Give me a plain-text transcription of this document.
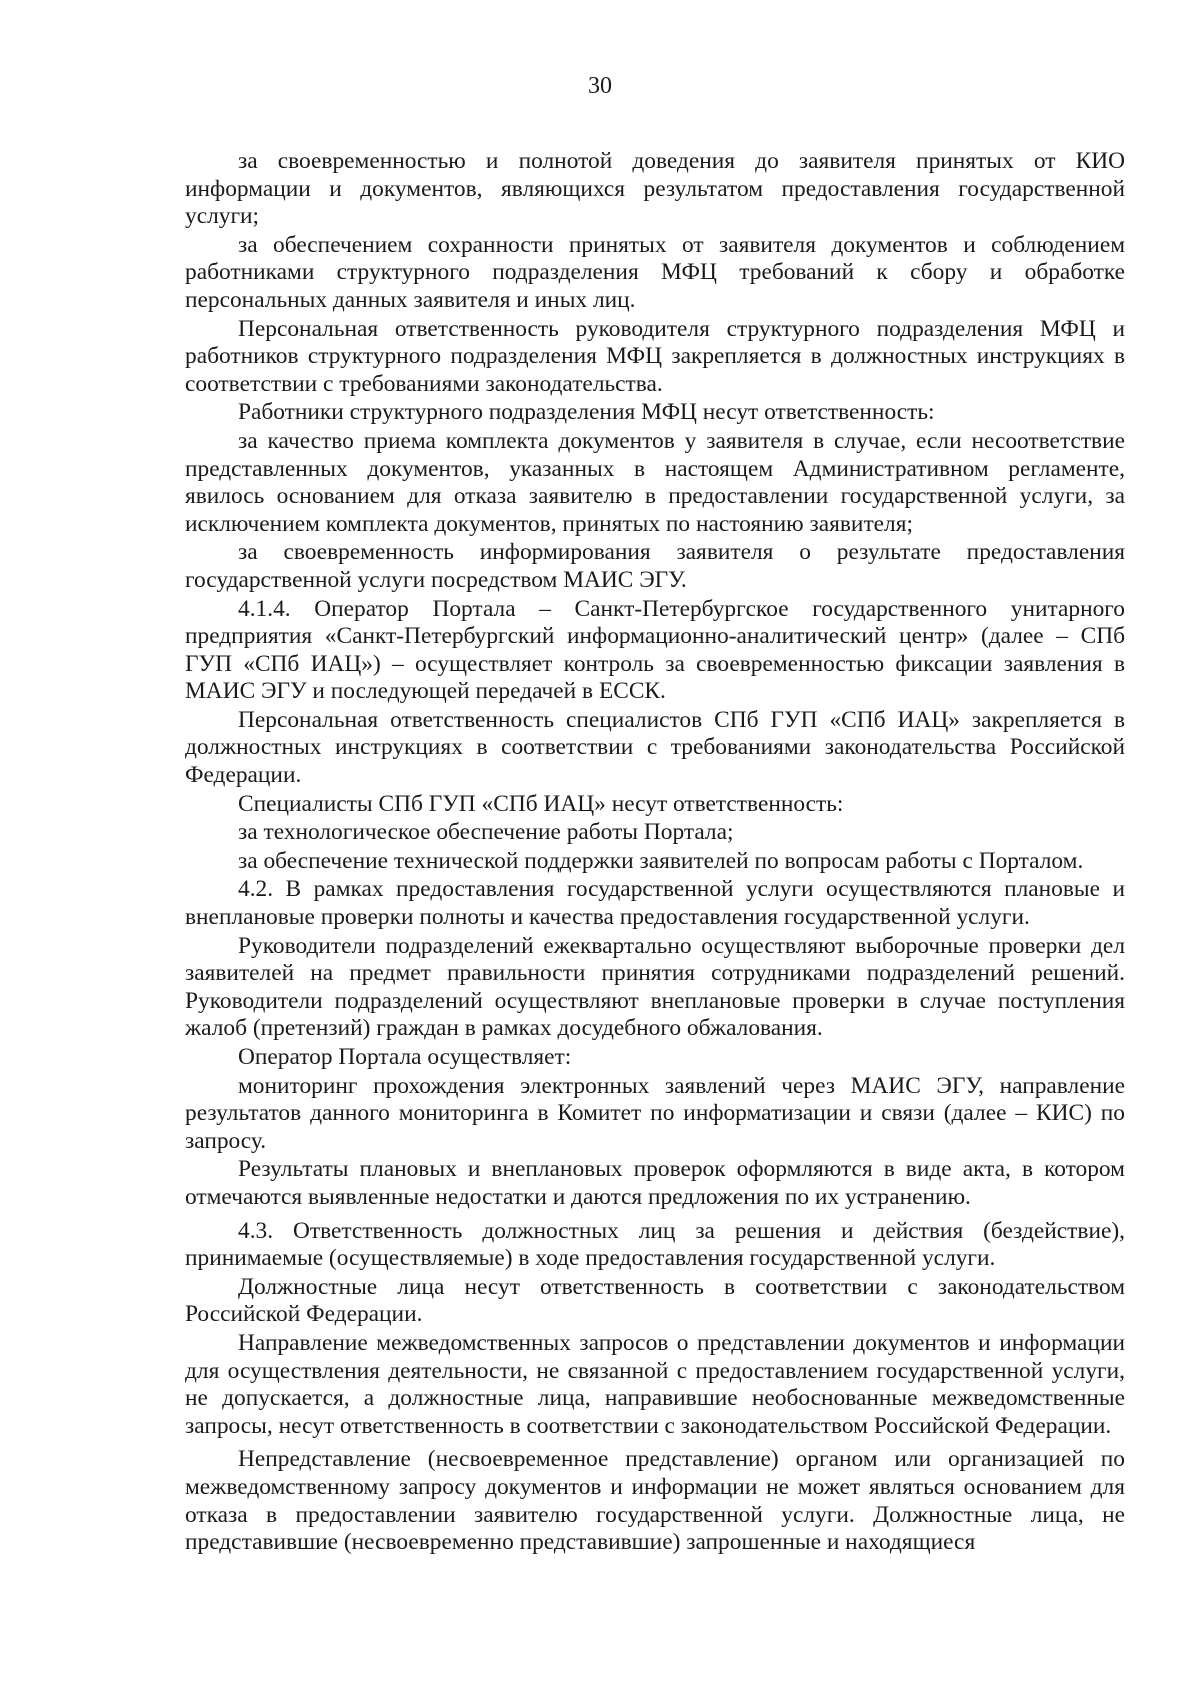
30

за своевременностью и полнотой доведения до заявителя принятых от КИО информации и документов, являющихся результатом предоставления государственной услуги;

за обеспечением сохранности принятых от заявителя документов и соблюдением работниками структурного подразделения МФЦ требований к сбору и обработке персональных данных заявителя и иных лиц.

Персональная ответственность руководителя структурного подразделения МФЦ и работников структурного подразделения МФЦ закрепляется в должностных инструкциях в соответствии с требованиями законодательства.

Работники структурного подразделения МФЦ несут ответственность:

за качество приема комплекта документов у заявителя в случае, если несоответствие представленных документов, указанных в настоящем Административном регламенте, явилось основанием для отказа заявителю в предоставлении государственной услуги, за исключением комплекта документов, принятых по настоянию заявителя;

за своевременность информирования заявителя о результате предоставления государственной услуги посредством МАИС ЭГУ.

4.1.4. Оператор Портала – Санкт-Петербургское государственного унитарного предприятия «Санкт-Петербургский информационно-аналитический центр» (далее – СПб ГУП «СПб ИАЦ») – осуществляет контроль за своевременностью фиксации заявления в МАИС ЭГУ и последующей передачей в ЕССК.

Персональная ответственность специалистов СПб ГУП «СПб ИАЦ» закрепляется в должностных инструкциях в соответствии с требованиями законодательства Российской Федерации.

Специалисты СПб ГУП «СПб ИАЦ» несут ответственность:

за технологическое обеспечение работы Портала;

за обеспечение технической поддержки заявителей по вопросам работы с Порталом.

4.2. В рамках предоставления государственной услуги осуществляются плановые и внеплановые проверки полноты и качества предоставления государственной услуги.

Руководители подразделений ежеквартально осуществляют выборочные проверки дел заявителей на предмет правильности принятия сотрудниками подразделений решений. Руководители подразделений осуществляют внеплановые проверки в случае поступления жалоб (претензий) граждан в рамках досудебного обжалования.

Оператор Портала осуществляет:

мониторинг прохождения электронных заявлений через МАИС ЭГУ, направление результатов данного мониторинга в Комитет по информатизации и связи (далее – КИС) по запросу.

Результаты плановых и внеплановых проверок оформляются в виде акта, в котором отмечаются выявленные недостатки и даются предложения по их устранению.

4.3. Ответственность должностных лиц за решения и действия (бездействие), принимаемые (осуществляемые) в ходе предоставления государственной услуги.

Должностные лица несут ответственность в соответствии с законодательством Российской Федерации.

Направление межведомственных запросов о представлении документов и информации для осуществления деятельности, не связанной с предоставлением государственной услуги, не допускается, а должностные лица, направившие необоснованные межведомственные запросы, несут ответственность в соответствии с законодательством Российской Федерации.

Непредставление (несвоевременное представление) органом или организацией по межведомственному запросу документов и информации не может являться основанием для отказа в предоставлении заявителю государственной услуги. Должностные лица, не представившие (несвоевременно представившие) запрошенные и находящиеся
